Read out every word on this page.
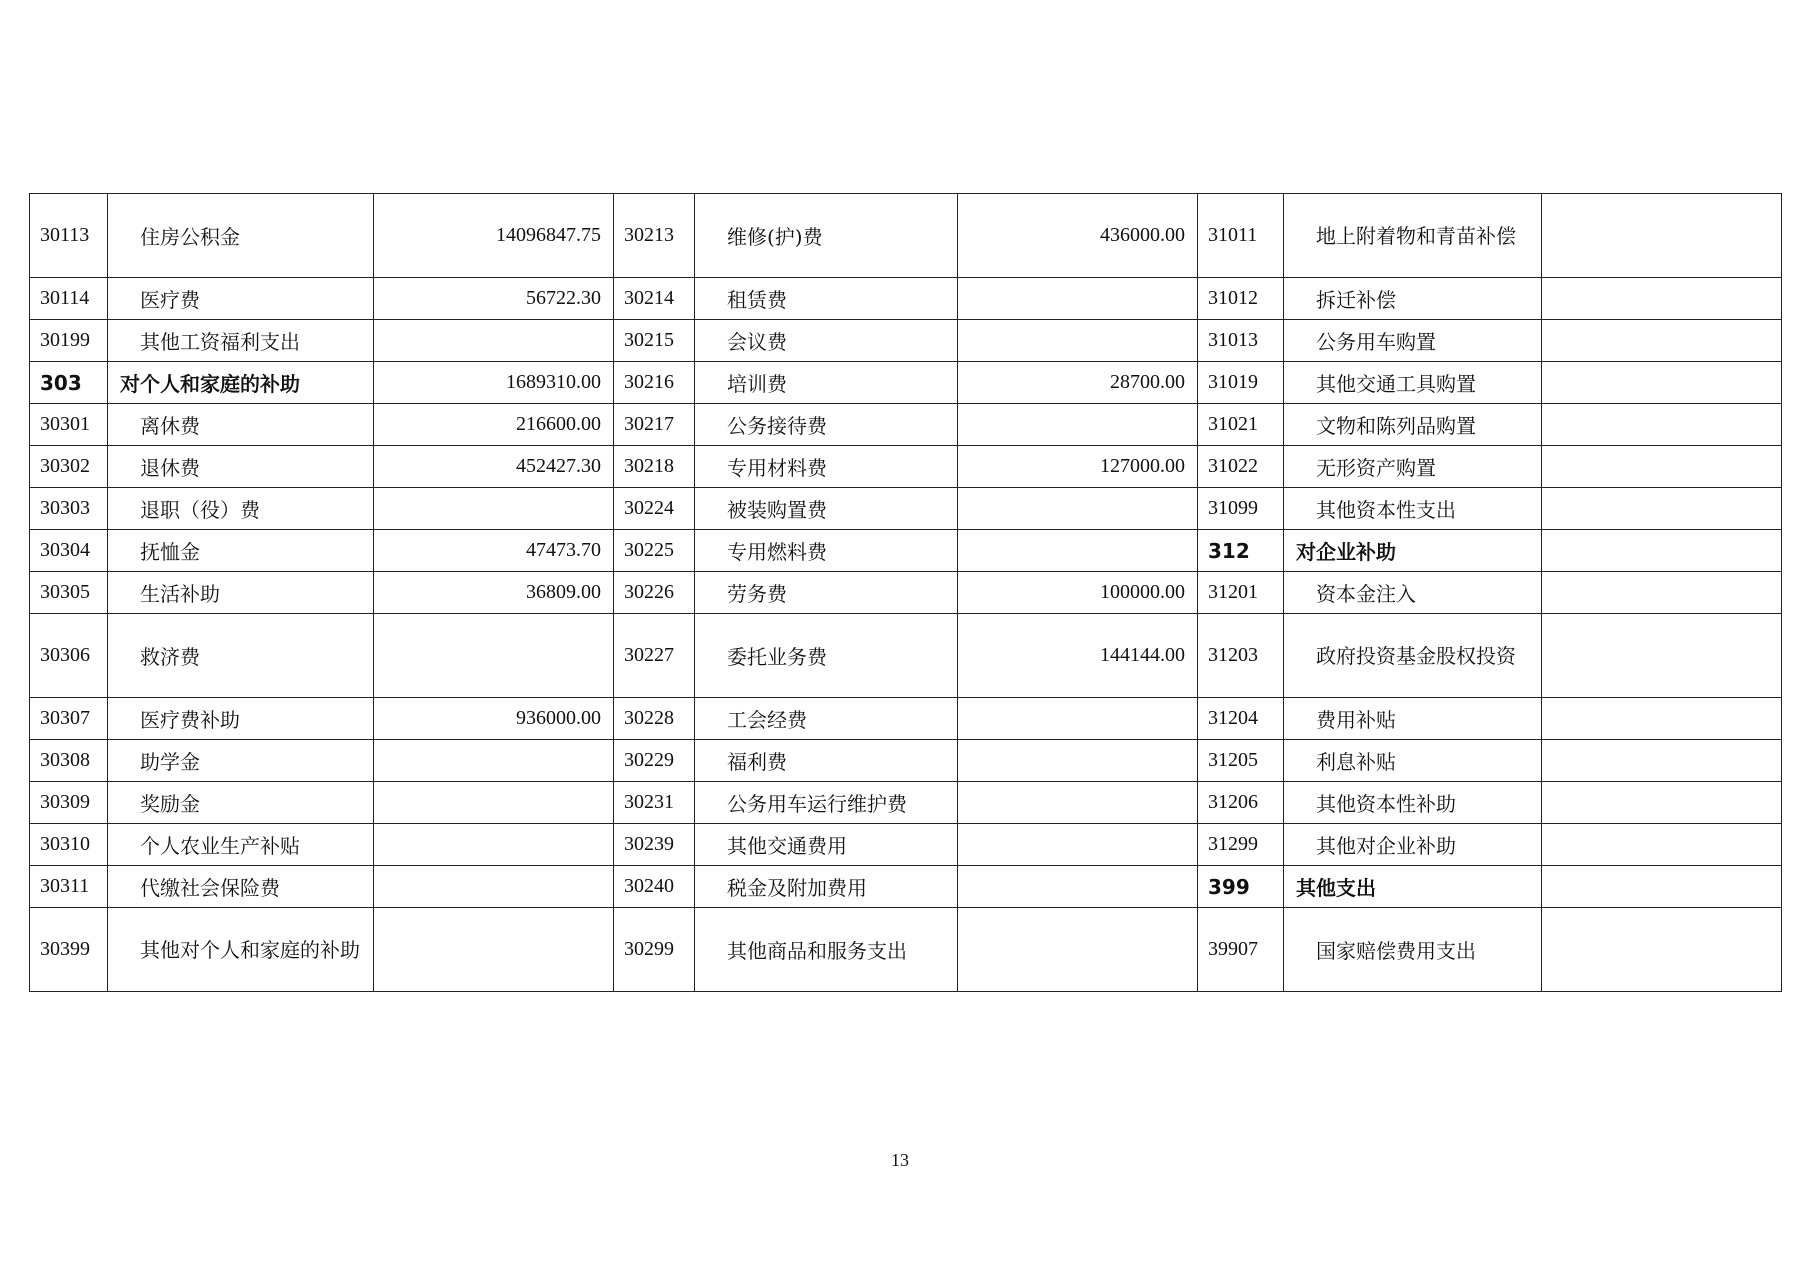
30113	住房公积金	14096847.75	30213	维修(护)费	436000.00	31011	地上附着物和青苗补偿	
30114	医疗费	56722.30	30214	租赁费		31012	拆迁补偿	
30199	其他工资福利支出		30215	会议费		31013	公务用车购置	
303	对个人和家庭的补助	1689310.00	30216	培训费	28700.00	31019	其他交通工具购置	
30301	离休费	216600.00	30217	公务接待费		31021	文物和陈列品购置	
30302	退休费	452427.30	30218	专用材料费	127000.00	31022	无形资产购置	
30303	退职（役）费		30224	被装购置费		31099	其他资本性支出	
30304	抚恤金	47473.70	30225	专用燃料费		312	对企业补助	
30305	生活补助	36809.00	30226	劳务费	100000.00	31201	资本金注入	
30306	救济费		30227	委托业务费	144144.00	31203	政府投资基金股权投资	
30307	医疗费补助	936000.00	30228	工会经费		31204	费用补贴	
30308	助学金		30229	福利费		31205	利息补贴	
30309	奖励金		30231	公务用车运行维护费		31206	其他资本性补助	
30310	个人农业生产补贴		30239	其他交通费用		31299	其他对企业补助	
30311	代缴社会保险费		30240	税金及附加费用		399	其他支出	
30399	其他对个人和家庭的补助		30299	其他商品和服务支出		39907	国家赔偿费用支出	
13
